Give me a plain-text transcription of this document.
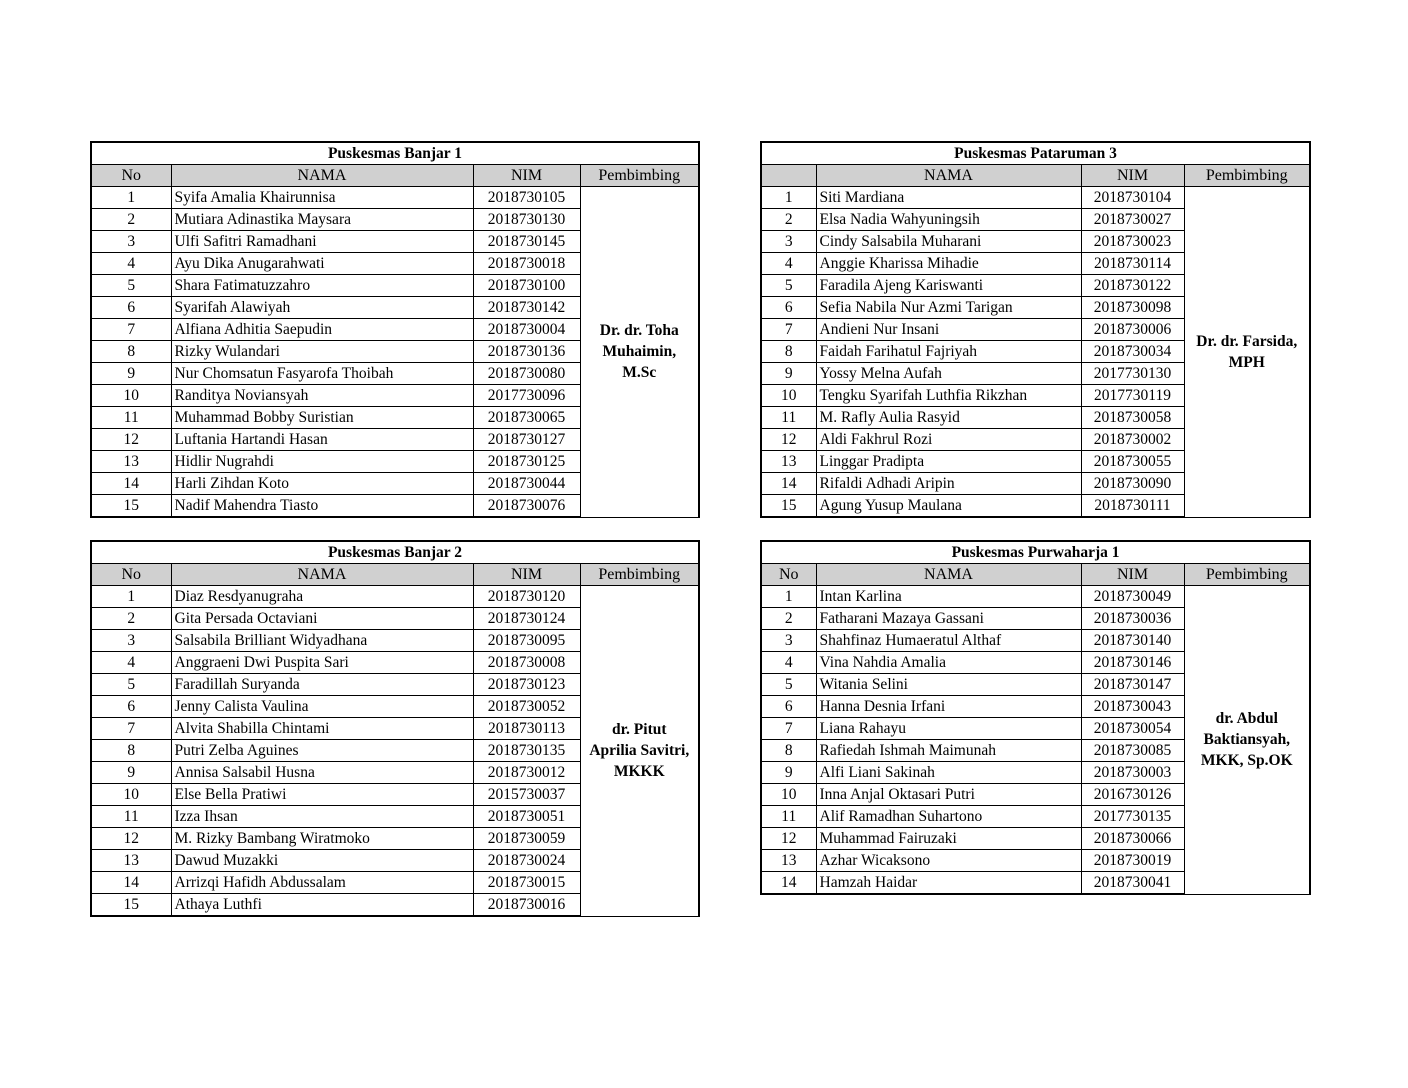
Puskesmas Banjar 1			
No	NAMA	NIM	Pembimbing
1	Syifa Amalia Khairunnisa	2018730105	Dr. dr. Toha
Muhaimin,
M.Sc

2	Mutiara Adinastika Maysara	2018730130	
3	Ulfi Safitri Ramadhani	2018730145	
4	Ayu Dika Anugarahwati	2018730018	
5	Shara Fatimatuzzahro	2018730100	
6	Syarifah Alawiyah	2018730142	
7	Alfiana Adhitia Saepudin	2018730004	
8	Rizky Wulandari	2018730136	
9	Nur Chomsatun Fasyarofa Thoibah	2018730080	
10	Randitya Noviansyah	2017730096	
11	Muhammad Bobby Suristian	2018730065	
12	Luftania Hartandi Hasan	2018730127	
13	Hidlir Nugrahdi	2018730125	
14	Harli Zihdan Koto	2018730044	
15	Nadif Mahendra Tiasto	2018730076	
Puskesmas Pataruman 3			
	NAMA	NIM	Pembimbing
1	Siti Mardiana	2018730104	Dr. dr. Farsida,
MPH

2	Elsa Nadia Wahyuningsih	2018730027	
3	Cindy Salsabila Muharani	2018730023	
4	Anggie Kharissa Mihadie	2018730114	
5	Faradila Ajeng Kariswanti	2018730122	
6	Sefia Nabila Nur Azmi Tarigan	2018730098	
7	Andieni Nur Insani	2018730006	
8	Faidah Farihatul Fajriyah	2018730034	
9	Yossy Melna Aufah	2017730130	
10	Tengku Syarifah Luthfia Rikzhan	2017730119	
11	M. Rafly Aulia Rasyid	2018730058	
12	Aldi Fakhrul Rozi	2018730002	
13	Linggar Pradipta	2018730055	
14	Rifaldi Adhadi Aripin	2018730090	
15	Agung Yusup Maulana	2018730111	
Puskesmas Banjar 2			
No	NAMA	NIM	Pembimbing
1	Diaz Resdyanugraha	2018730120	dr. Pitut
Aprilia Savitri,
MKKK

2	Gita Persada Octaviani	2018730124	
3	Salsabila Brilliant Widyadhana	2018730095	
4	Anggraeni Dwi Puspita Sari	2018730008	
5	Faradillah Suryanda	2018730123	
6	Jenny Calista Vaulina	2018730052	
7	Alvita Shabilla Chintami	2018730113	
8	Putri Zelba Aguines	2018730135	
9	Annisa Salsabil Husna	2018730012	
10	Else Bella Pratiwi	2015730037	
11	Izza Ihsan	2018730051	
12	M. Rizky Bambang Wiratmoko	2018730059	
13	Dawud Muzakki	2018730024	
14	Arrizqi Hafidh Abdussalam	2018730015	
15	Athaya Luthfi	2018730016	
Puskesmas Purwaharja 1			
No	NAMA	NIM	Pembimbing
1	Intan Karlina	2018730049	dr. Abdul
Baktiansyah,
MKK, Sp.OK

2	Fatharani Mazaya Gassani	2018730036	
3	Shahfinaz Humaeratul Althaf	2018730140	
4	Vina Nahdia Amalia	2018730146	
5	Witania Selini	2018730147	
6	Hanna Desnia Irfani	2018730043	
7	Liana Rahayu	2018730054	
8	Rafiedah Ishmah Maimunah	2018730085	
9	Alfi Liani Sakinah	2018730003	
10	Inna Anjal Oktasari Putri	2016730126	
11	Alif Ramadhan Suhartono	2017730135	
12	Muhammad Fairuzaki	2018730066	
13	Azhar Wicaksono	2018730019	
14	Hamzah Haidar	2018730041	
